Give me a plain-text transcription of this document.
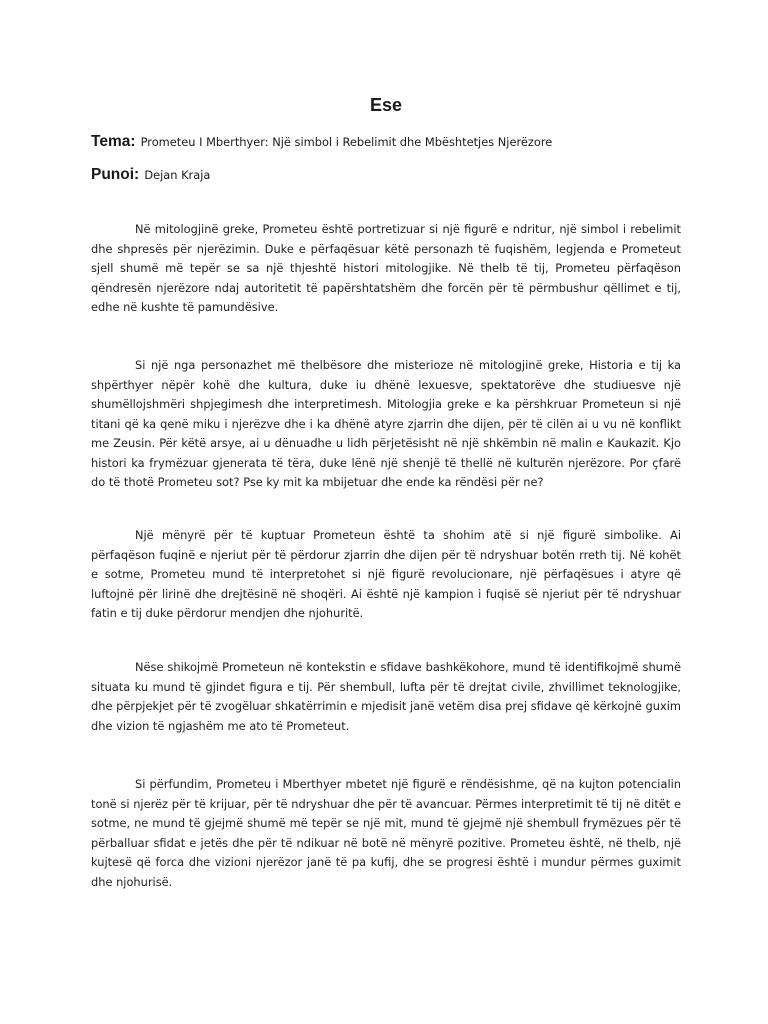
Ese
Tema: Prometeu I Mberthyer: Një simbol i Rebelimit dhe Mbështetjes Njerëzore
Punoi: Dejan Kraja

Në mitologjinë greke, Prometeu është portretizuar si një figurë e ndritur, një simbol i rebelimit dhe shpresës për njerëzimin. Duke e përfaqësuar këtë personazh të fuqishëm, legjenda e Prometeut sjell shumë më tepër se sa një thjeshtë histori mitologjike. Në thelb të tij, Prometeu përfaqëson qëndresën njerëzore ndaj autoritetit të papërshtatshëm dhe forcën për të përmbushur qëllimet e tij, edhe në kushte të pamundësive.

Si një nga personazhet më thelbësore dhe misterioze në mitologjinë greke, Historia e tij ka shpërthyer nëpër kohë dhe kultura, duke iu dhënë lexuesve, spektatorëve dhe studiuesve një shumëllojshmëri shpjegimesh dhe interpretimesh. Mitologjia greke e ka përshkruar Prometeun si një titani që ka qenë miku i njerëzve dhe i ka dhënë atyre zjarrin dhe dijen, për të cilën ai u vu në konflikt me Zeusin. Për këtë arsye, ai u dënuadhe u lidh përjetësisht në një shkëmbin në malin e Kaukazit. Kjo histori ka frymëzuar gjenerata të tëra, duke lënë një shenjë të thellë në kulturën njerëzore. Por çfarë do të thotë Prometeu sot? Pse ky mit ka mbijetuar dhe ende ka rëndësi për ne?

Një mënyrë për të kuptuar Prometeun është ta shohim atë si një figurë simbolike. Ai përfaqëson fuqinë e njeriut për të përdorur zjarrin dhe dijen për të ndryshuar botën rreth tij. Në kohët e sotme, Prometeu mund të interpretohet si një figurë revolucionare, një përfaqësues i atyre që luftojnë për lirinë dhe drejtësinë në shoqëri. Ai është një kampion i fuqisë së njeriut për të ndryshuar fatin e tij duke përdorur mendjen dhe njohuritë.

Nëse shikojmë Prometeun në kontekstin e sfidave bashkëkohore, mund të identifikojmë shumë situata ku mund të gjindet figura e tij. Për shembull, lufta për të drejtat civile, zhvillimet teknologjike, dhe përpjekjet për të zvogëluar shkatërrimin e mjedisit janë vetëm disa prej sfidave që kërkojnë guxim dhe vizion të ngjashëm me ato të Prometeut.

Si përfundim, Prometeu i Mberthyer mbetet një figurë e rëndësishme, që na kujton potencialin tonë si njerëz për të krijuar, për të ndryshuar dhe për të avancuar. Përmes interpretimit të tij në ditët e sotme, ne mund të gjejmë shumë më tepër se një mit, mund të gjejmë një shembull frymëzues për të përballuar sfidat e jetës dhe për të ndikuar në botë në mënyrë pozitive. Prometeu është, në thelb, një kujtesë që forca dhe vizioni njerëzor janë të pa kufij, dhe se progresi është i mundur përmes guximit dhe njohurisë.
